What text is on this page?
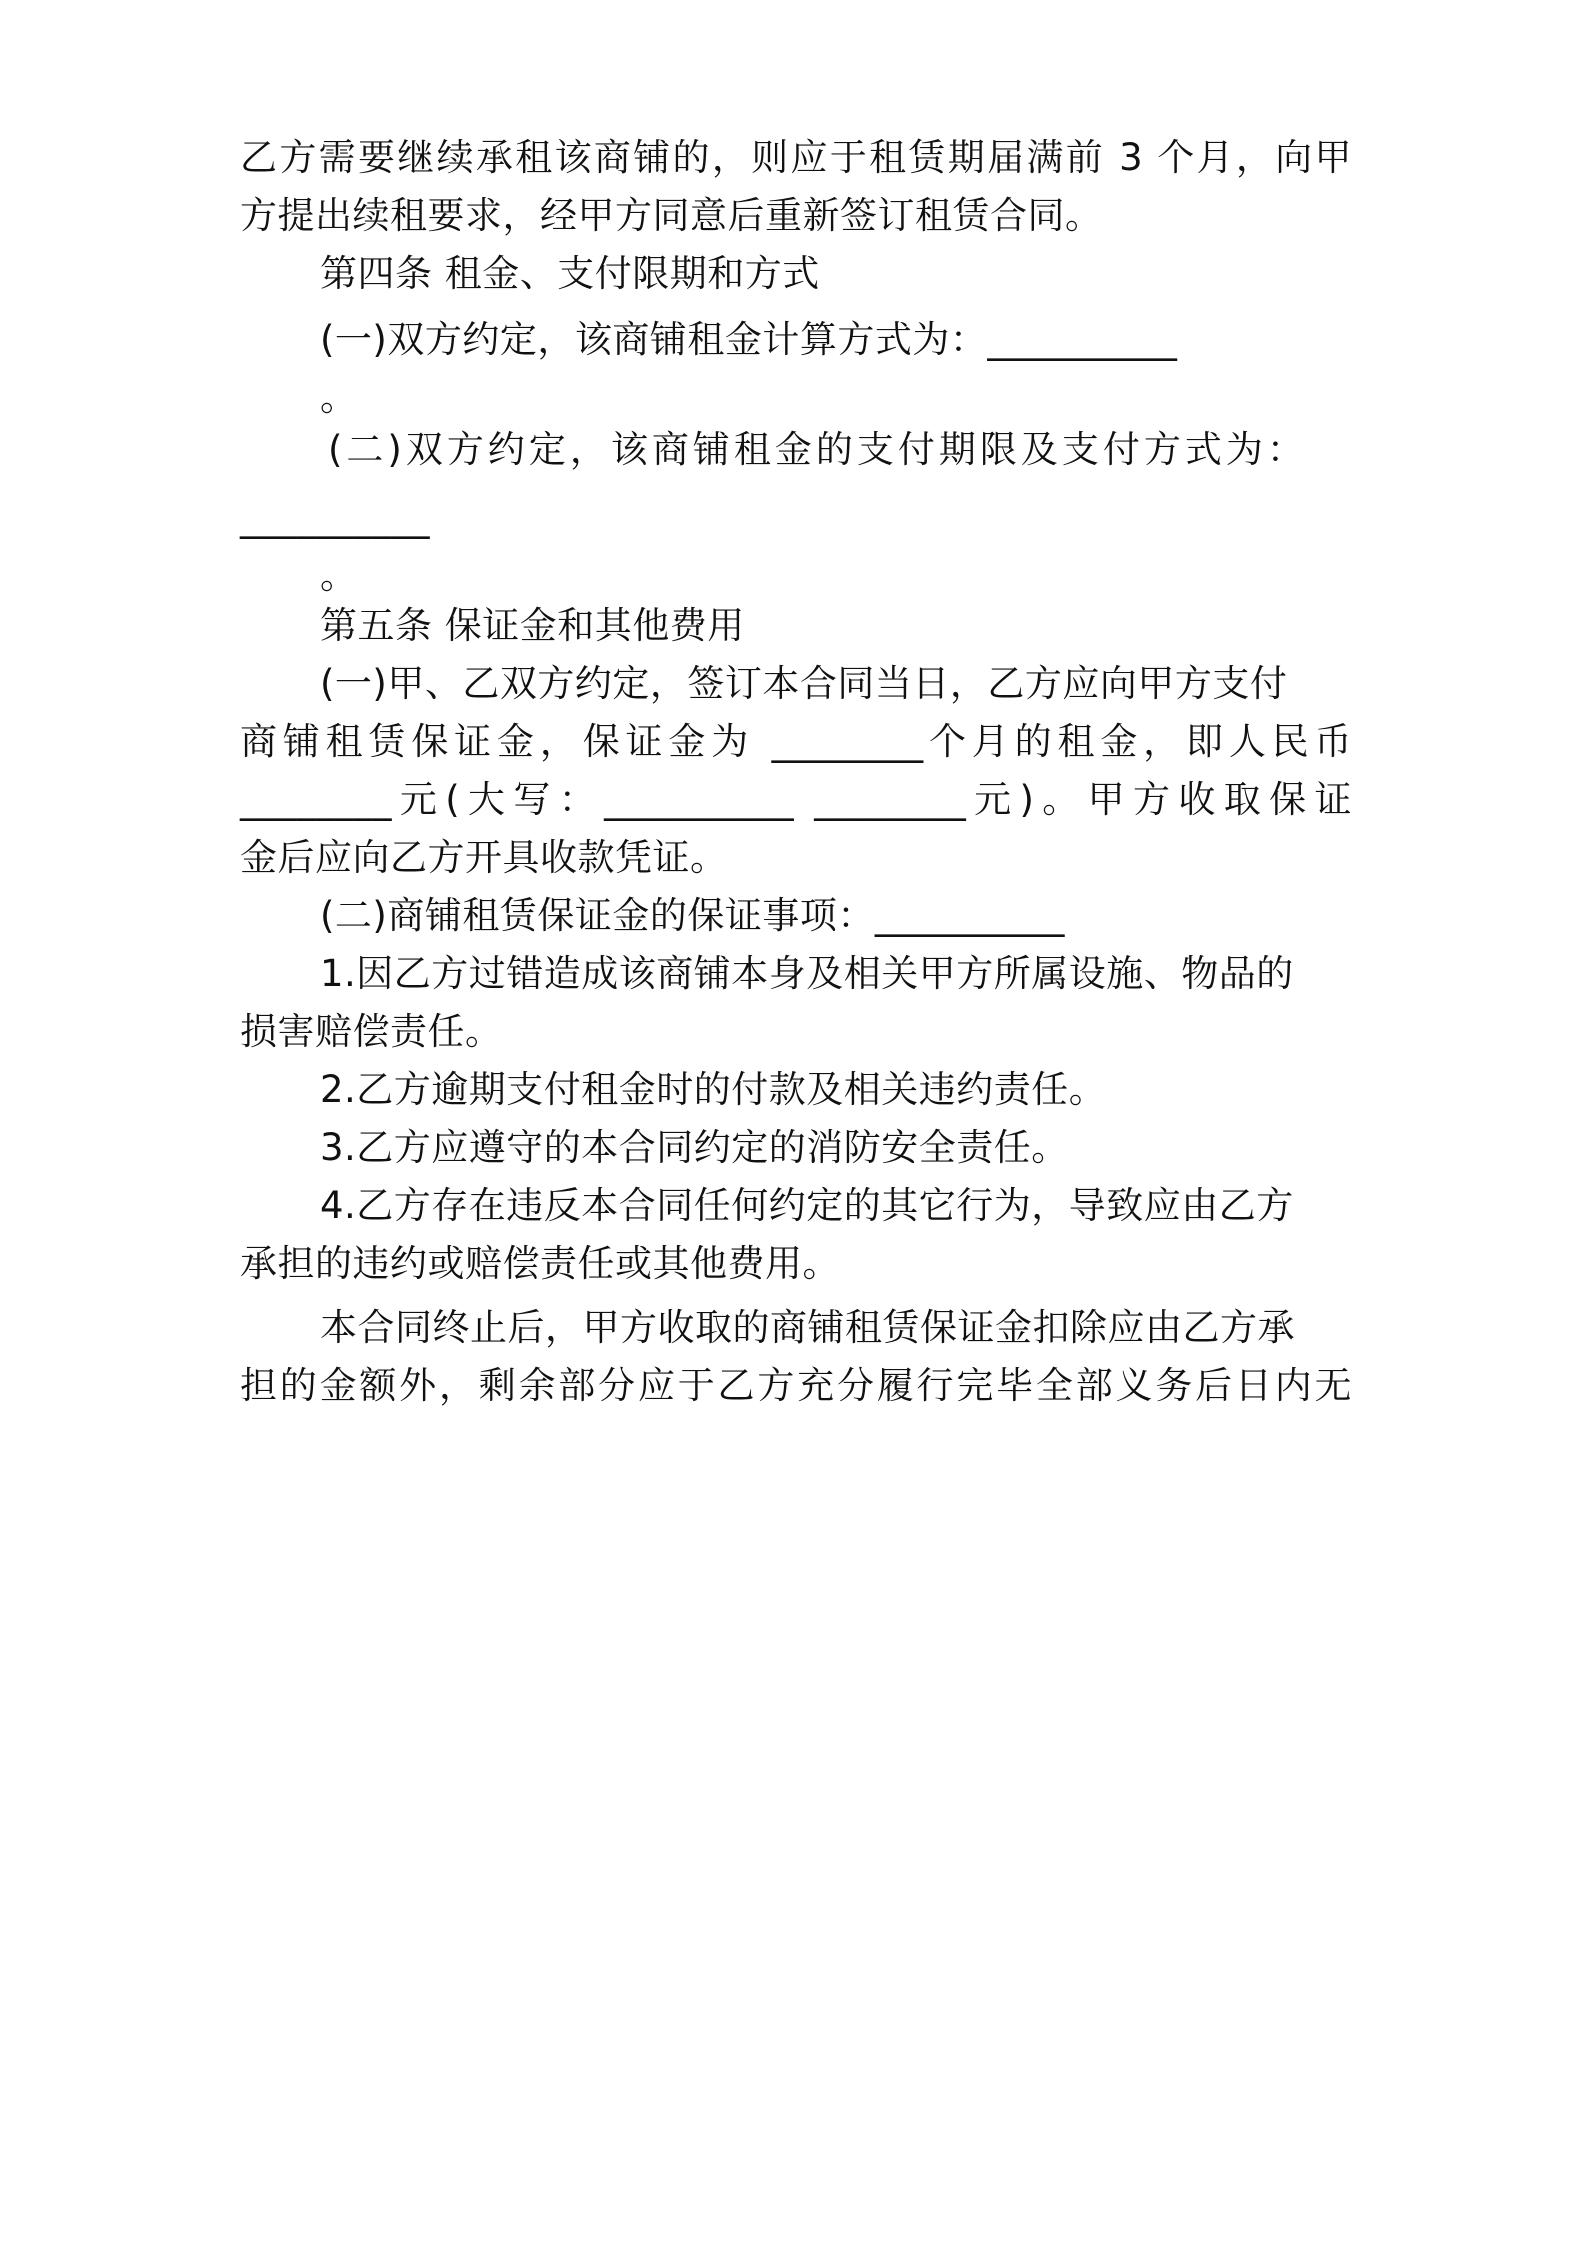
乙方需要继续承租该商铺的，则应于租赁期届满前 3 个月，向甲
方提出续租要求，经甲方同意后重新签订租赁合同。
第四条 租金、支付限期和方式
(一)双方约定，该商铺租金计算方式为：__________
。
(二)双方约定，该商铺租金的支付期限及支付方式为：
__________
。
第五条 保证金和其他费用
(一)甲、乙双方约定，签订本合同当日，乙方应向甲方支付
商铺租赁保证金，保证金为 ________个月的租金，即人民币
________元(大写：__________ ________元)。甲方收取保证
金后应向乙方开具收款凭证。
(二)商铺租赁保证金的保证事项：__________
1.因乙方过错造成该商铺本身及相关甲方所属设施、物品的
损害赔偿责任。
2.乙方逾期支付租金时的付款及相关违约责任。
3.乙方应遵守的本合同约定的消防安全责任。
4.乙方存在违反本合同任何约定的其它行为，导致应由乙方
承担的违约或赔偿责任或其他费用。
本合同终止后，甲方收取的商铺租赁保证金扣除应由乙方承
担的金额外，剩余部分应于乙方充分履行完毕全部义务后日内无
